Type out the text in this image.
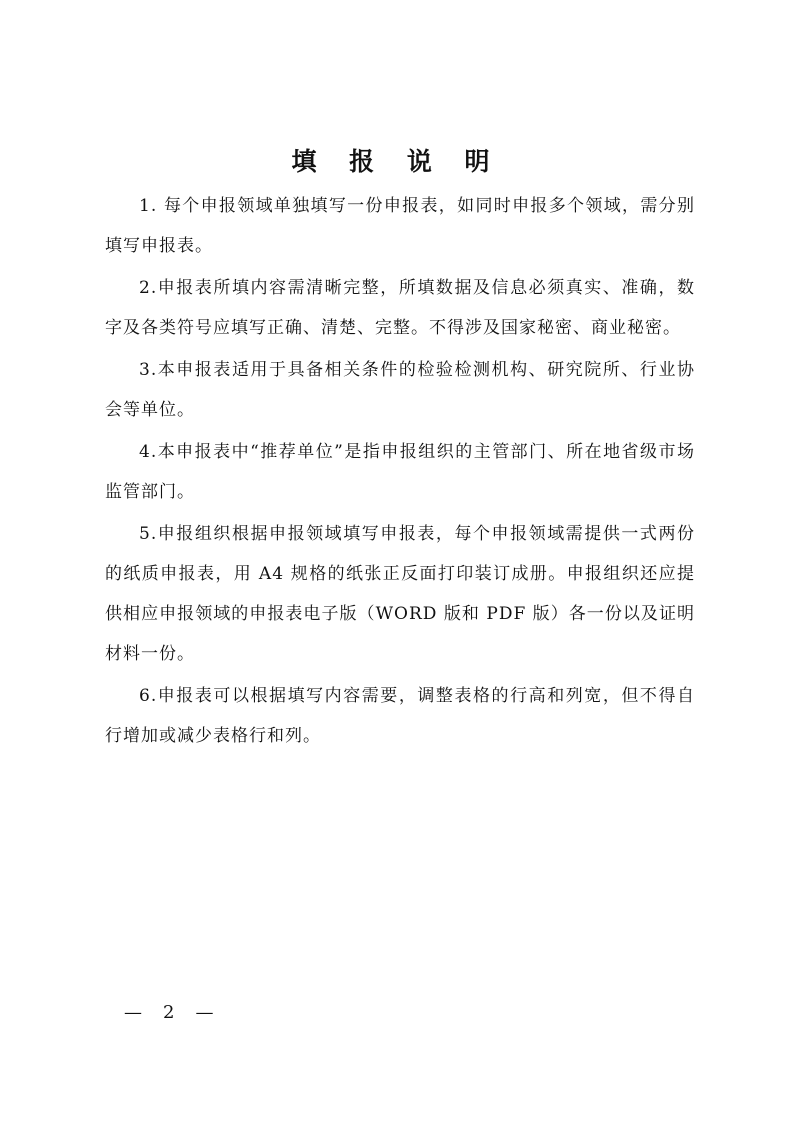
填 报 说 明

1. 每个申报领域单独填写一份申报表，如同时申报多个领域，需分别填写申报表。

2.申报表所填内容需清晰完整，所填数据及信息必须真实、准确，数字及各类符号应填写正确、清楚、完整。不得涉及国家秘密、商业秘密。

3.本申报表适用于具备相关条件的检验检测机构、研究院所、行业协会等单位。

4.本申报表中“推荐单位”是指申报组织的主管部门、所在地省级市场监管部门。

5.申报组织根据申报领域填写申报表，每个申报领域需提供一式两份的纸质申报表，用 A4 规格的纸张正反面打印装订成册。申报组织还应提供相应申报领域的申报表电子版（WORD 版和 PDF 版）各一份以及证明材料一份。

6.申报表可以根据填写内容需要，调整表格的行高和列宽，但不得自行增加或减少表格行和列。

— 2 —
